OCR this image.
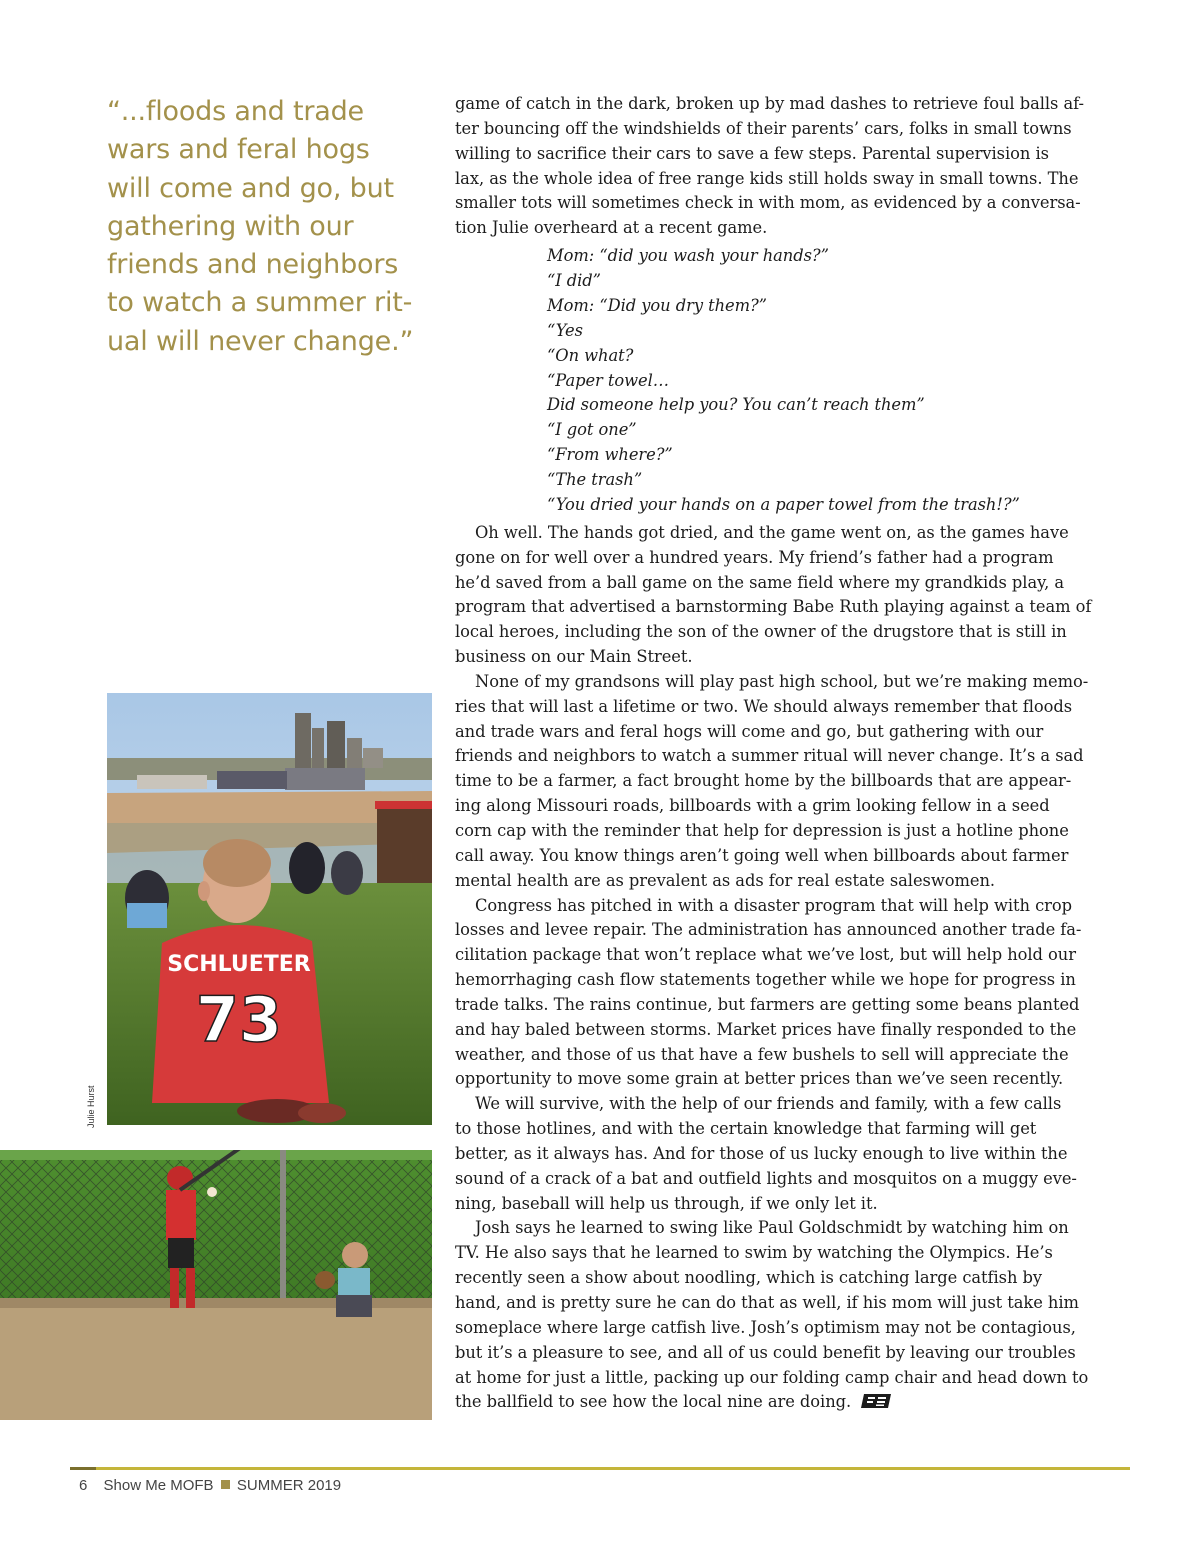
“...floods and trade
wars and feral hogs
will come and go, but
gathering with our
friends and neighbors
to watch a summer rit-
ual will never change.”
game of catch in the dark, broken up by mad dashes to retrieve foul balls af-
ter bouncing off the windshields of their parents’ cars, folks in small towns
willing to sacrifice their cars to save a few steps. Parental supervision is
lax, as the whole idea of free range kids still holds sway in small towns. The
smaller tots will sometimes check in with mom, as evidenced by a conversa-
tion Julie overheard at a recent game.
Mom: “did you wash your hands?”
“I did”
Mom: “Did you dry them?”
“Yes
“On what?
“Paper towel…
Did someone help you? You can’t reach them”
“I got one”
“From where?”
“The trash”
“You dried your hands on a paper towel from the trash!?”
Oh well. The hands got dried, and the game went on, as the games have
gone on for well over a hundred years. My friend’s father had a program
he’d saved from a ball game on the same field where my grandkids play, a
program that advertised a barnstorming Babe Ruth playing against a team of
local heroes, including the son of the owner of the drugstore that is still in
business on our Main Street.
None of my grandsons will play past high school, but we’re making memo-
ries that will last a lifetime or two. We should always remember that floods
and trade wars and feral hogs will come and go, but gathering with our
friends and neighbors to watch a summer ritual will never change. It’s a sad
time to be a farmer, a fact brought home by the billboards that are appear-
ing along Missouri roads, billboards with a grim looking fellow in a seed
corn cap with the reminder that help for depression is just a hotline phone
call away. You know things aren’t going well when billboards about farmer
mental health are as prevalent as ads for real estate saleswomen.
Congress has pitched in with a disaster program that will help with crop
losses and levee repair. The administration has announced another trade fa-
cilitation package that won’t replace what we’ve lost, but will help hold our
hemorrhaging cash flow statements together while we hope for progress in
trade talks. The rains continue, but farmers are getting some beans planted
and hay baled between storms. Market prices have finally responded to the
weather, and those of us that have a few bushels to sell will appreciate the
opportunity to move some grain at better prices than we’ve seen recently.
We will survive, with the help of our friends and family, with a few calls
to those hotlines, and with the certain knowledge that farming will get
better, as it always has. And for those of us lucky enough to live within the
sound of a crack of a bat and outfield lights and mosquitos on a muggy eve-
ning, baseball will help us through, if we only let it.
Josh says he learned to swing like Paul Goldschmidt by watching him on
TV. He also says that he learned to swim by watching the Olympics. He’s
recently seen a show about noodling, which is catching large catfish by
hand, and is pretty sure he can do that as well, if his mom will just take him
someplace where large catfish live. Josh’s optimism may not be contagious,
but it’s a pleasure to see, and all of us could benefit by leaving our troubles
at home for just a little, packing up our folding camp chair and head down to
the ballfield to see how the local nine are doing.
SCHLUETER
73
Julie Hurst
6 Show Me MOFB SUMMER 2019
